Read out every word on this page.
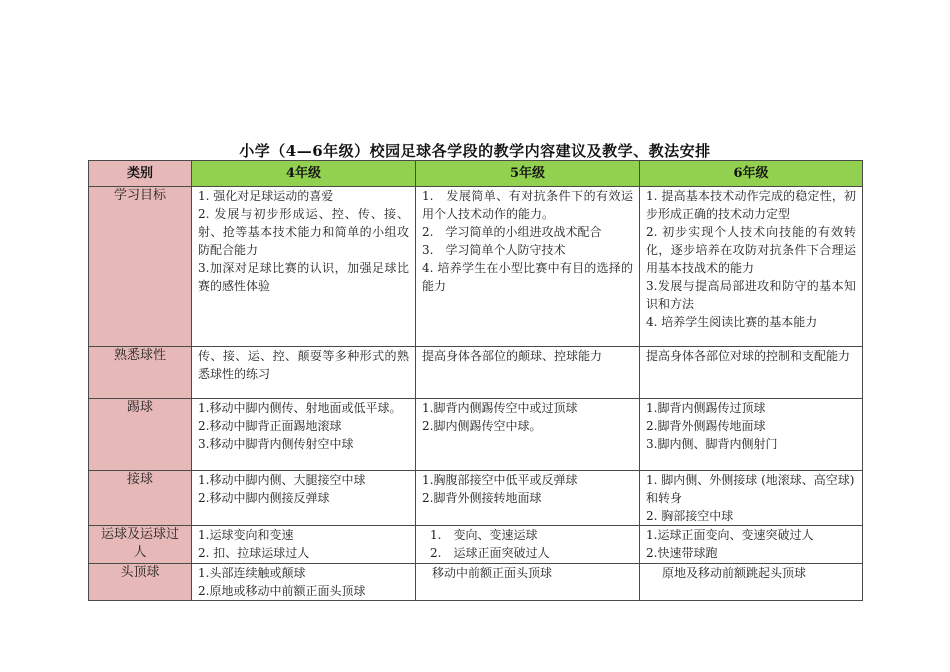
小学（4—6年级）校园足球各学段的教学内容建议及教学、教法安排
类别	4年级	5年级	6年级
学习目标	1. 强化对足球运动的喜爱
2. 发展与初步形成运、控、传、接、射、抢等基本技术能力和简单的小组攻防配合能力
3.加深对足球比赛的认识，加强足球比赛的感性体验	1.　发展简单、有对抗条件下的有效运用个人技术动作的能力。
2.　学习简单的小组进攻战术配合
3.　学习简单个人防守技术
4. 培养学生在小型比赛中有目的选择的能力	1. 提高基本技术动作完成的稳定性，初步形成正确的技术动力定型
2. 初步实现个人技术向技能的有效转化，逐步培养在攻防对抗条件下合理运用基本技战术的能力
3.发展与提高局部进攻和防守的基本知识和方法
4. 培养学生阅读比赛的基本能力

熟悉球性	传、接、运、控、颠耍等多种形式的熟悉球性的练习	提高身体各部位的颠球、控球能力	提高身体各部位对球的控制和支配能力

踢球	1.移动中脚内侧传、射地面或低平球。
2.移动中脚背正面踢地滚球
3.移动中脚背内侧传射空中球	1.脚背内侧踢传空中或过顶球
2.脚内侧踢传空中球。	1.脚背内侧踢传过顶球
2.脚背外侧踢传地面球
3.脚内侧、脚背内侧射门

接球	1.移动中脚内侧、大腿接空中球
2.移动中脚内侧接反弹球	1.胸腹部接空中低平或反弹球
2.脚背外侧接转地面球	1. 脚内侧、外侧接球 (地滚球、高空球)和转身
2. 胸部接空中球

运球及运球过人	1.运球变向和变速
2. 扣、拉球运球过人	1.　变向、变速运球
2.　运球正面突破过人	1.运球正面变向、变速突破过人
2.快速带球跑

头顶球	1.头部连续触或颠球
2.原地或移动中前额正面头顶球	移动中前额正面头顶球	原地及移动前额跳起头顶球
